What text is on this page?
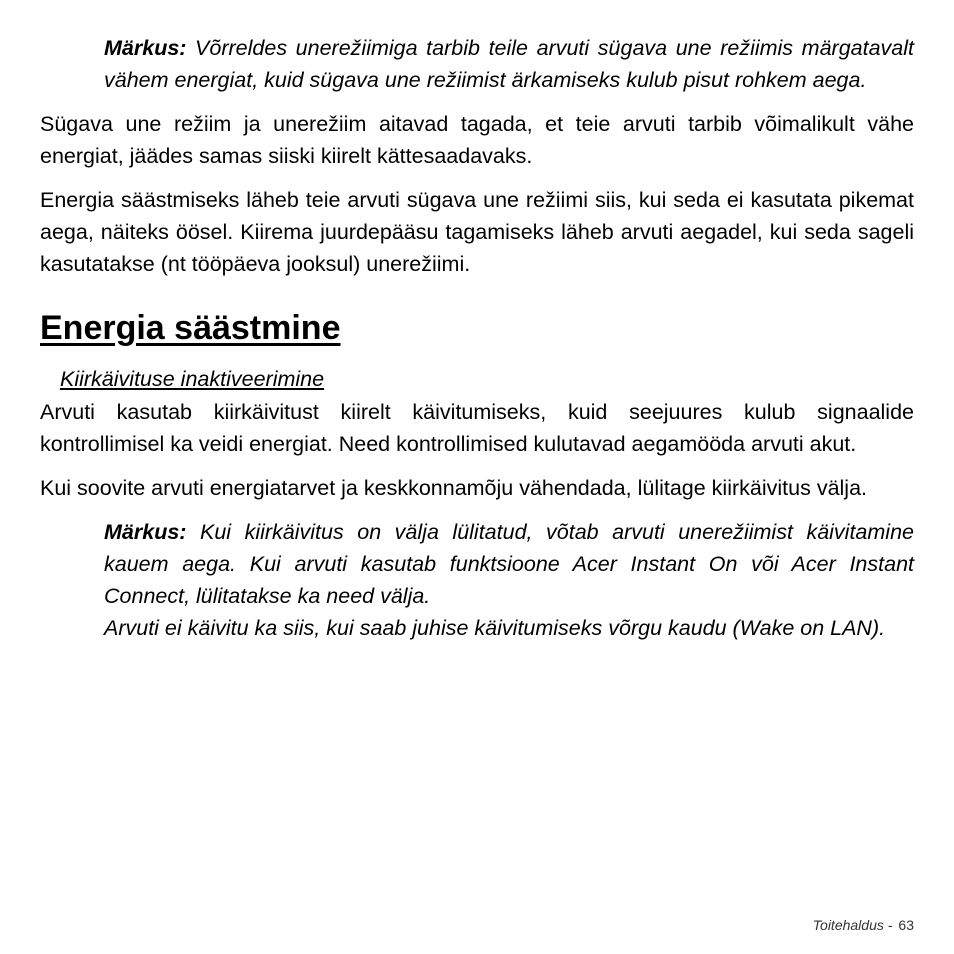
Märkus: Võrreldes unerežiimiga tarbib teile arvuti sügava une režiimis märgatavalt vähem energiat, kuid sügava une režiimist ärkamiseks kulub pisut rohkem aega.

Sügava une režiim ja unerežiim aitavad tagada, et teie arvuti tarbib võimalikult vähe energiat, jäädes samas siiski kiirelt kättesaadavaks.

Energia säästmiseks läheb teie arvuti sügava une režiimi siis, kui seda ei kasutata pikemat aega, näiteks öösel. Kiirema juurdepääsu tagamiseks läheb arvuti aegadel, kui seda sageli kasutatakse (nt tööpäeva jooksul) unerežiimi.

Energia säästmine
Kiirkäivituse inaktiveerimine

Arvuti kasutab kiirkäivitust kiirelt käivitumiseks, kuid seejuures kulub signaalide kontrollimisel ka veidi energiat. Need kontrollimised kulutavad aegamööda arvuti akut.

Kui soovite arvuti energiatarvet ja keskkonnamõju vähendada, lülitage kiirkäivitus välja.

Märkus: Kui kiirkäivitus on välja lülitatud, võtab arvuti unerežiimist käivitamine kauem aega. Kui arvuti kasutab funktsioone Acer Instant On või Acer Instant Connect, lülitatakse ka need välja.

Arvuti ei käivitu ka siis, kui saab juhise käivitumiseks võrgu kaudu (Wake on LAN).

Toitehaldus - 63
